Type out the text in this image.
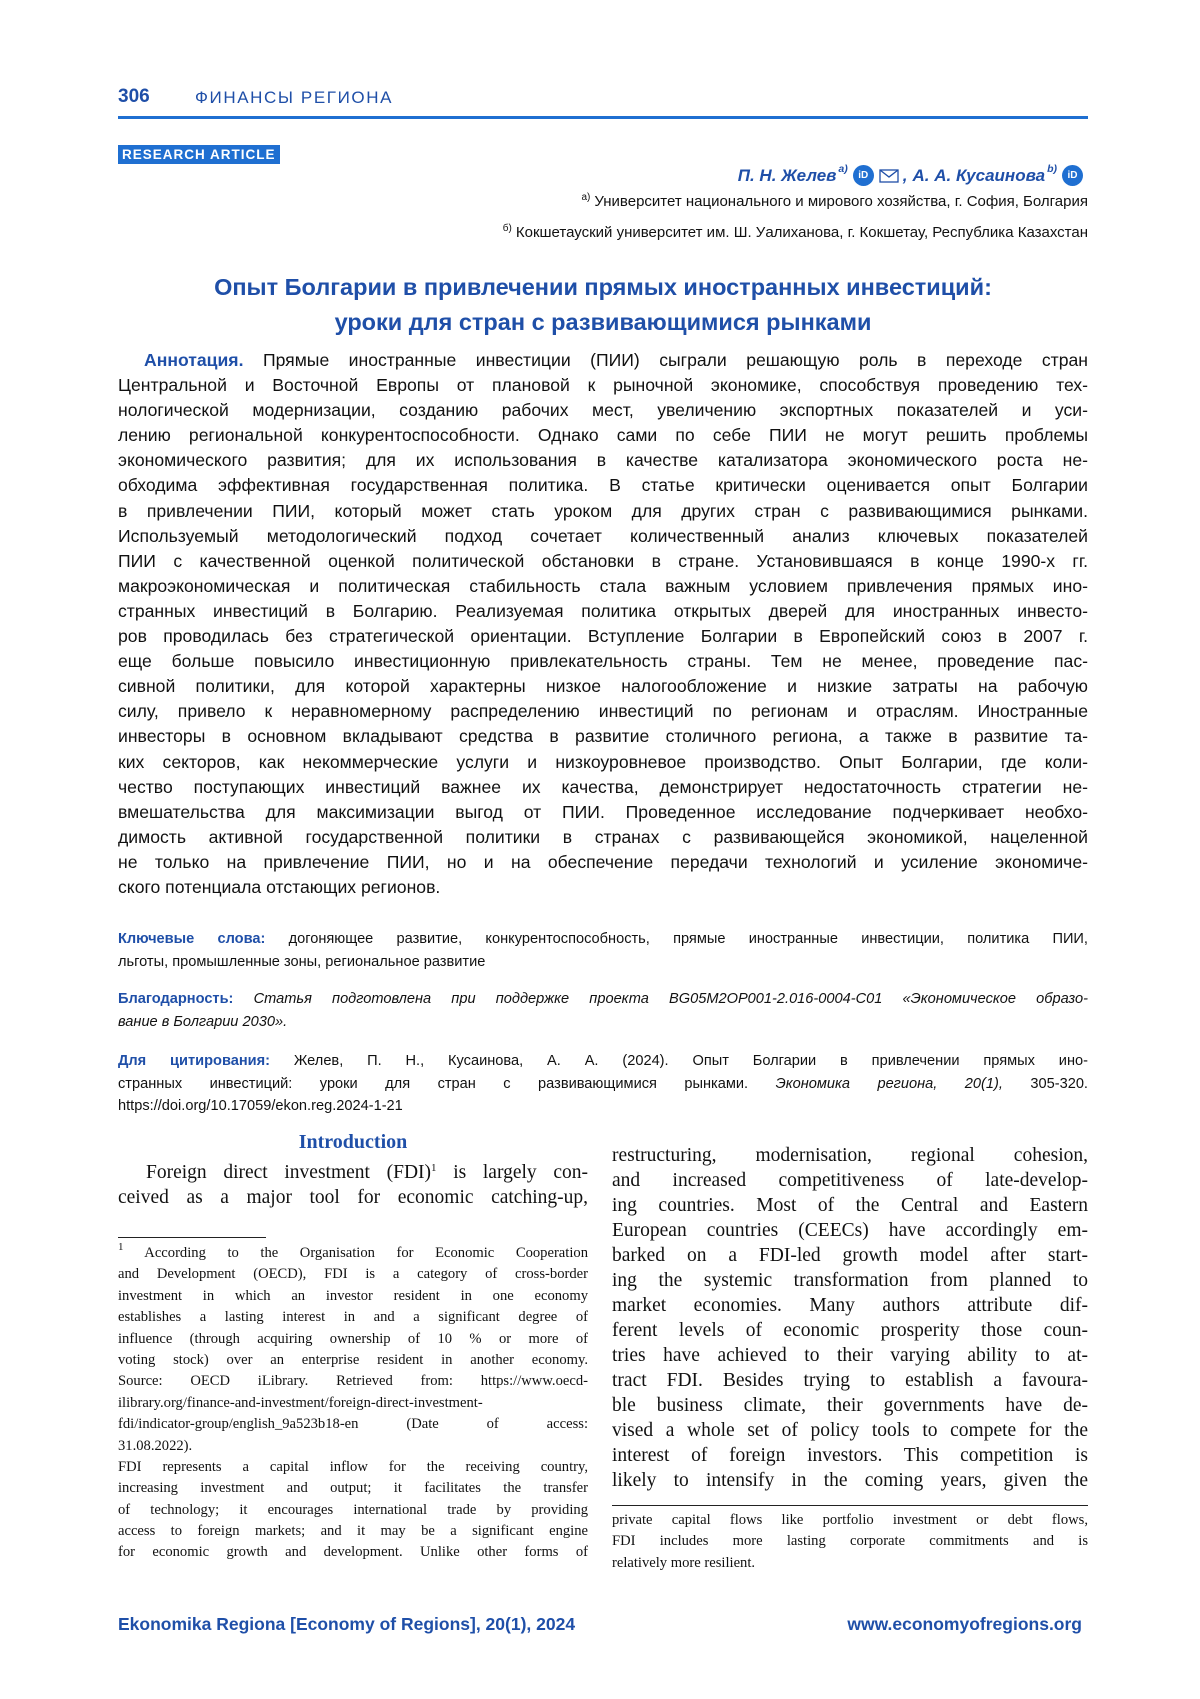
306	ФИНАНСЫ РЕГИОНА
RESEARCH ARTICLE
П. Н. Желев a)
iD	, А. А. Кусаинова b)
iD
$^{a)}$ Университет национального и мирового хозяйства, г. София, Болгария
$^{б)}$ Кокшетауский университет им. Ш. Уалиханова, г. Кокшетау, Республика Казахстан
Опыт Болгарии в привлечении прямых иностранных инвестиций:
уроки для стран с развивающимися рынками
Аннотация. Прямые иностранные инвестиции (ПИИ) сыграли решающую роль в переходе стран
Центральной и Восточной Европы от плановой к рыночной экономике, способствуя проведению тех-
нологической модернизации, созданию рабочих мест, увеличению экспортных показателей и уси-
лению региональной конкурентоспособности. Однако сами по себе ПИИ не могут решить проблемы
экономического развития; для их использования в качестве катализатора экономического роста не-
обходима эффективная государственная политика. В статье критически оценивается опыт Болгарии
в привлечении ПИИ, который может стать уроком для других стран с развивающимися рынками.
Используемый методологический подход сочетает количественный анализ ключевых показателей
ПИИ с качественной оценкой политической обстановки в стране. Установившаяся в конце 1990-х гг.
макроэкономическая и политическая стабильность стала важным условием привлечения прямых ино-
странных инвестиций в Болгарию. Реализуемая политика открытых дверей для иностранных инвесто-
ров проводилась без стратегической ориентации. Вступление Болгарии в Европейский союз в 2007 г.
еще больше повысило инвестиционную привлекательность страны. Тем не менее, проведение пас-
сивной политики, для которой характерны низкое налогообложение и низкие затраты на рабочую
силу, привело к неравномерному распределению инвестиций по регионам и отраслям. Иностранные
инвесторы в основном вкладывают средства в развитие столичного региона, а также в развитие та-
ких секторов, как некоммерческие услуги и низкоуровневое производство. Опыт Болгарии, где коли-
чество поступающих инвестиций важнее их качества, демонстрирует недостаточность стратегии не-
вмешательства для максимизации выгод от ПИИ. Проведенное исследование подчеркивает необхо-
димость активной государственной политики в странах с развивающейся экономикой, нацеленной
не только на привлечение ПИИ, но и на обеспечение передачи технологий и усиление экономиче-
ского потенциала отстающих регионов.
Ключевые слова: догоняющее развитие, конкурентоспособность, прямые иностранные инвестиции, политика ПИИ,
льготы, промышленные зоны, региональное развитие
Благодарность: Статья подготовлена при поддержке проекта BG05M2OP001-2.016-0004-C01 «Экономическое образо-
вание в Болгарии 2030».
Для цитирования: Желев, П. Н., Кусаинова, А. А. (2024). Опыт Болгарии в привлечении прямых ино-
странных инвестиций: уроки для стран с развивающимися рынками. Экономика региона, 20(1), 305-320.
https://doi.org/10.17059/ekon.reg.2024-1-21
Introduction
Foreign direct investment (FDI)$^1$ is largely con-
ceived as a major tool for economic catching-up,
$^1$ According to the Organisation for Economic Cooperation
and Development (OECD), FDI is a category of cross-border
investment in which an investor resident in one economy
establishes a lasting interest in and a significant degree of
influence (through acquiring ownership of 10 % or more of
voting stock) over an enterprise resident in another economy.
Source: OECD iLibrary. Retrieved from: https://www.oecd-
ilibrary.org/finance-and-investment/foreign-direct-investment-
fdi/indicator-group/english_9a523b18-en (Date of access:
31.08.2022).
FDI represents a capital inflow for the receiving country,
increasing investment and output; it facilitates the transfer
of technology; it encourages international trade by providing
access to foreign markets; and it may be a significant engine
for economic growth and development. Unlike other forms of
restructuring, modernisation, regional cohesion,
and increased competitiveness of late-develop-
ing countries. Most of the Central and Eastern
European countries (CEECs) have accordingly em-
barked on a FDI-led growth model after start-
ing the systemic transformation from planned to
market economies. Many authors attribute dif-
ferent levels of economic prosperity those coun-
tries have achieved to their varying ability to at-
tract FDI. Besides trying to establish a favoura-
ble business climate, their governments have de-
vised a whole set of policy tools to compete for the
interest of foreign investors. This competition is
likely to intensify in the coming years, given the
private capital flows like portfolio investment or debt flows,
FDI includes more lasting corporate commitments and is
relatively more resilient.
Ekonomika Regiona [Economy of Regions], 20(1), 2024	www.economyofregions.org
